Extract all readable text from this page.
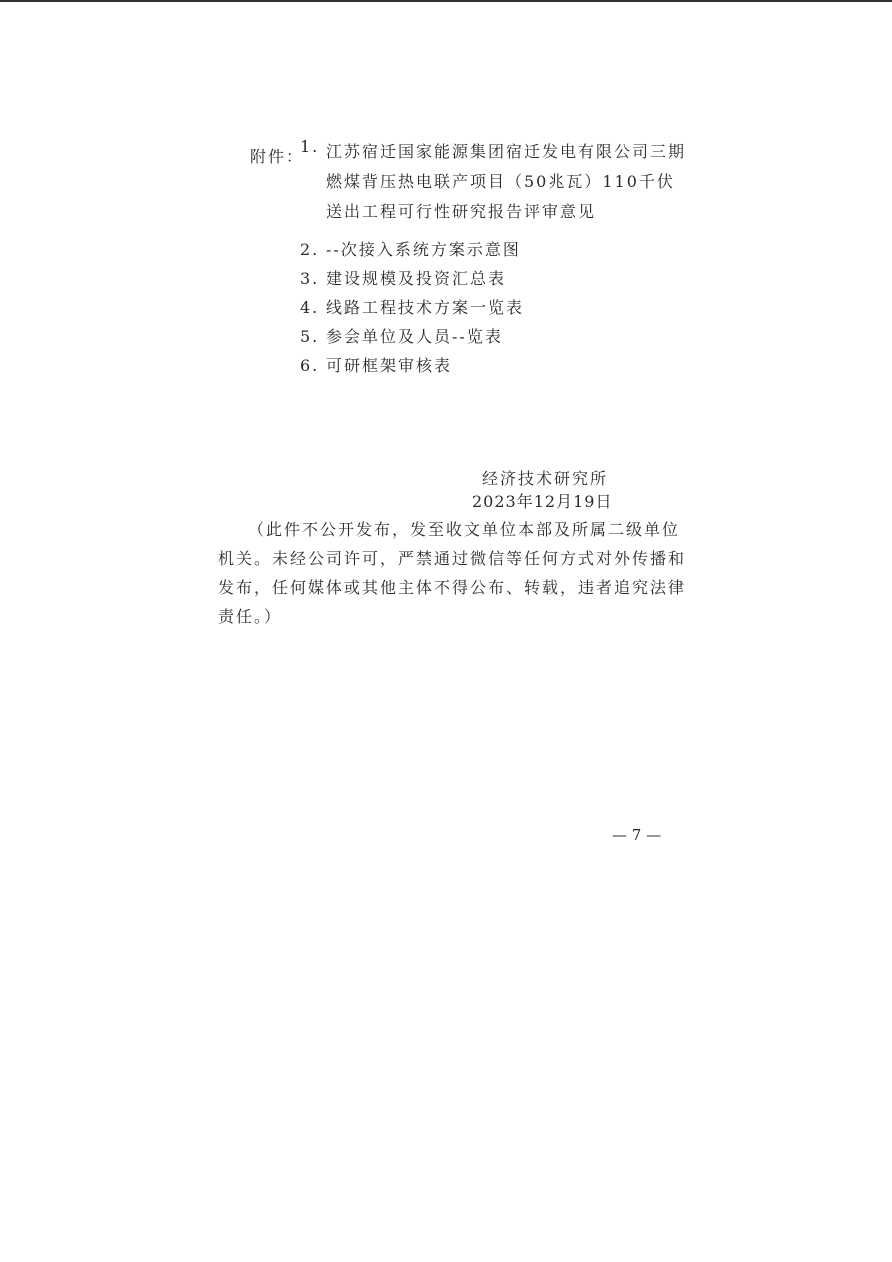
附件：
1. 江苏宿迁国家能源集团宿迁发电有限公司三期燃煤背压热电联产项目（50兆瓦）110千伏送出工程可行性研究报告评审意见
2. --次接入系统方案示意图
3. 建设规模及投资汇总表
4. 线路工程技术方案一览表
5. 参会单位及人员--览表
6. 可研框架审核表
经济技术研究所
2023年12月19日
（此件不公开发布，发至收文单位本部及所属二级单位机关。未经公司许可，严禁通过微信等任何方式对外传播和发布，任何媒体或其他主体不得公布、转载，违者追究法律责任。）
— 7 —
